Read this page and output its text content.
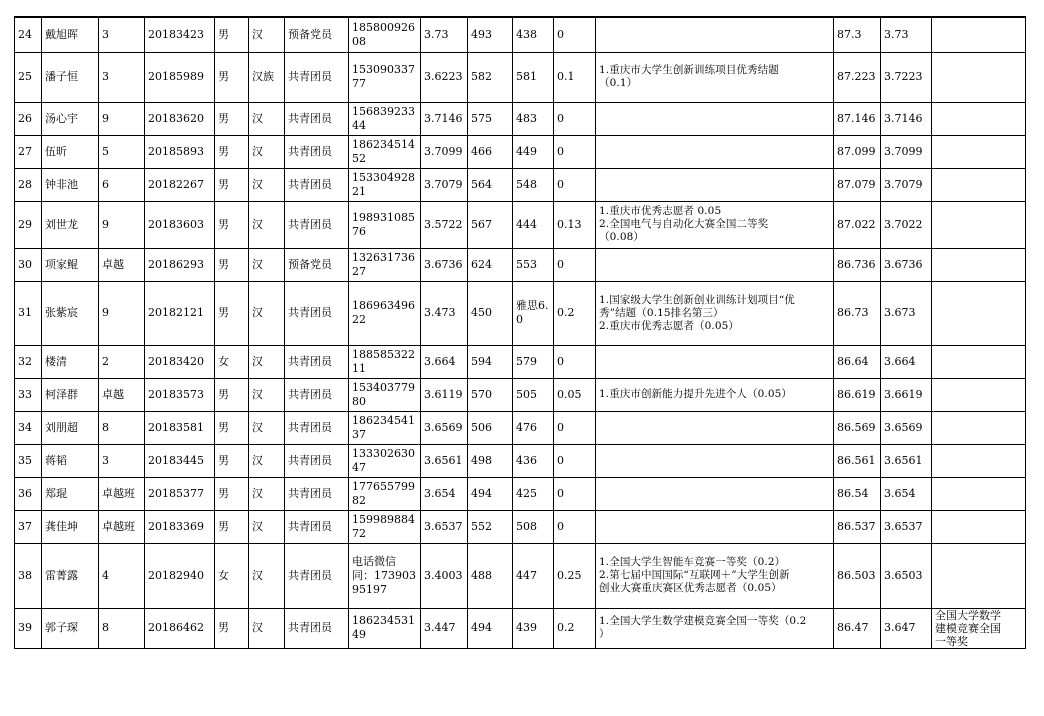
24	戴旭晖	3	20183423	男	汉	预备党员	18580092608	3.73	493	438	0		87.3	3.73	
25	潘子恒	3	20185989	男	汉族	共青团员	15309033777	3.6223	582	581	0.1	1.重庆市大学生创新训练项目优秀结题
（0.1）	87.223	3.7223	
26	汤心宇	9	20183620	男	汉	共青团员	15683923344	3.7146	575	483	0		87.146	3.7146	
27	伍昕	5	20185893	男	汉	共青团员	18623451452	3.7099	466	449	0		87.099	3.7099	
28	钟非池	6	20182267	男	汉	共青团员	15330492821	3.7079	564	548	0		87.079	3.7079	
29	刘世龙	9	20183603	男	汉	共青团员	19893108576	3.5722	567	444	0.13	1.重庆市优秀志愿者 0.05
2.全国电气与自动化大赛全国二等奖
（0.08）	87.022	3.7022	
30	项家鲲	卓越	20186293	男	汉	预备党员	13263173627	3.6736	624	553	0		86.736	3.6736	
31	张紫宸	9	20182121	男	汉	共青团员	18696349622	3.473	450	雅思6.0	0.2	1.国家级大学生创新创业训练计划项目“优
秀”结题（0.15排名第三）
2.重庆市优秀志愿者（0.05）	86.73	3.673	
32	楼清	2	20183420	女	汉	共青团员	18858532211	3.664	594	579	0		86.64	3.664	
33	柯泽群	卓越	20183573	男	汉	共青团员	15340377980	3.6119	570	505	0.05	1.重庆市创新能力提升先进个人（0.05）	86.619	3.6619	
34	刘朋超	8	20183581	男	汉	共青团员	18623454137	3.6569	506	476	0		86.569	3.6569	
35	蒋韬	3	20183445	男	汉	共青团员	13330263047	3.6561	498	436	0		86.561	3.6561	
36	郑琨	卓越班	20185377	男	汉	共青团员	17765579982	3.654	494	425	0		86.54	3.654	
37	龚佳坤	卓越班	20183369	男	汉	共青团员	15998988472	3.6537	552	508	0		86.537	3.6537	
38	雷菁露	4	20182940	女	汉	共青团员	电话微信同：17390395197	3.4003	488	447	0.25	1.全国大学生智能车竞赛一等奖（0.2）
2.第七届中国国际“互联网＋”大学生创新
创业大赛重庆赛区优秀志愿者（0.05）	86.503	3.6503	
39	郭子琛	8	20186462	男	汉	共青团员	18623453149	3.447	494	439	0.2	1.全国大学生数学建模竞赛全国一等奖（0.2
）	86.47	3.647	全国大学数学
建模竞赛全国
一等奖
